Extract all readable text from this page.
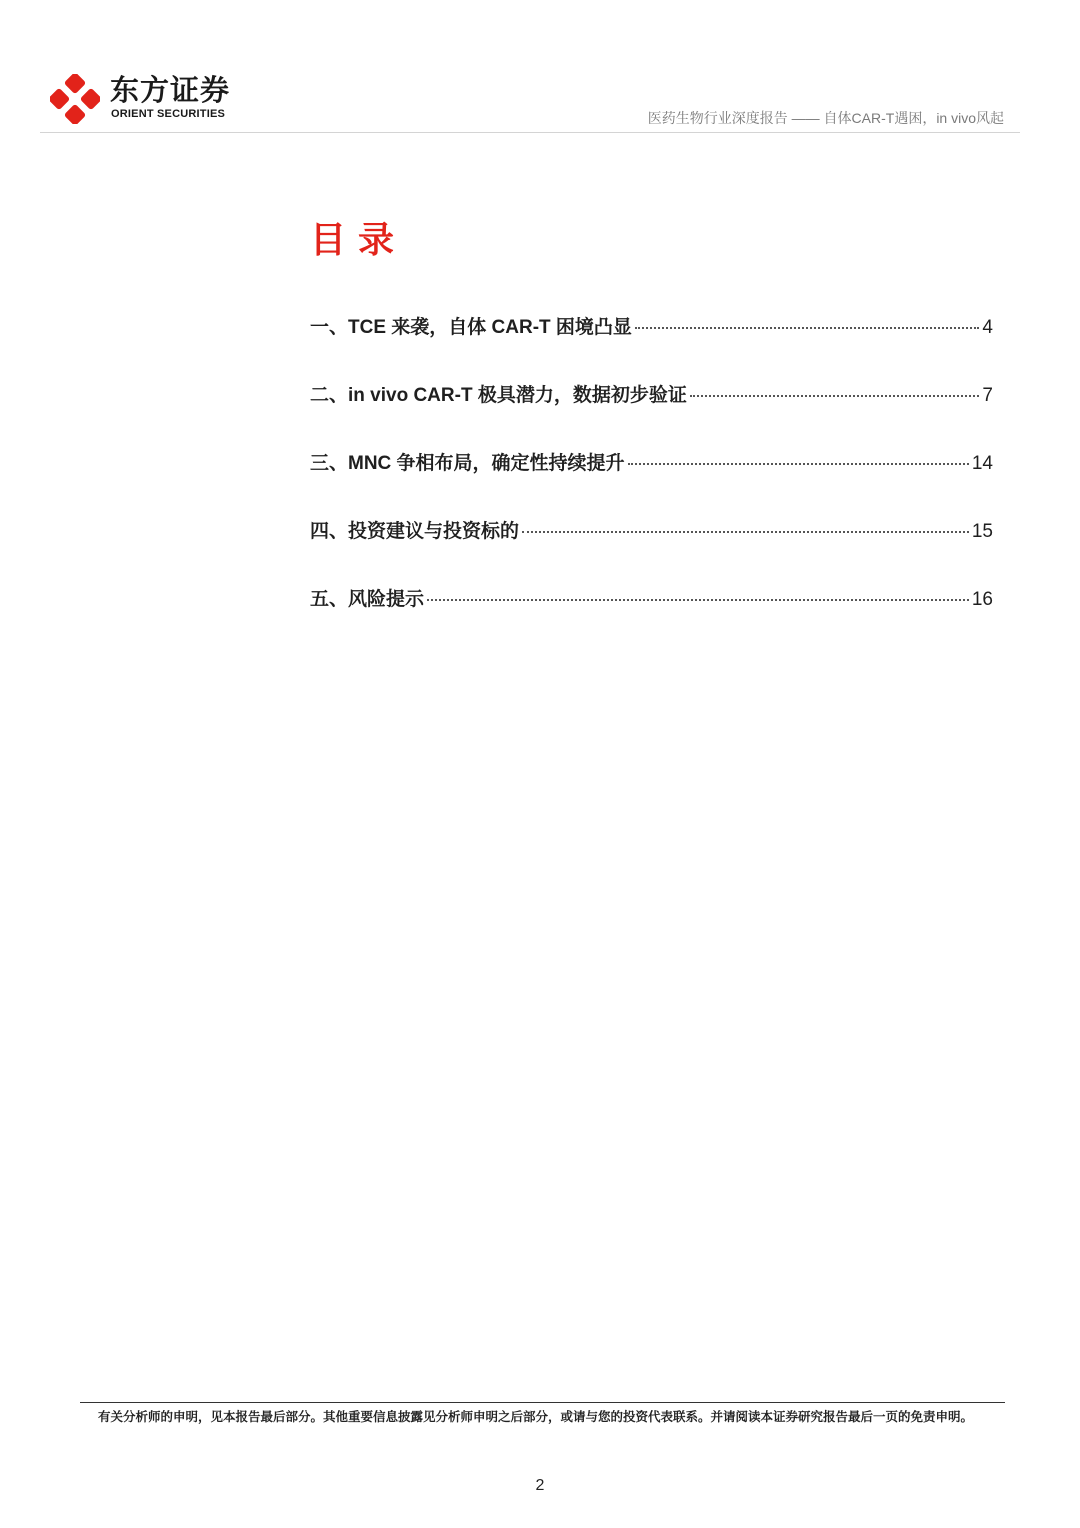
东方证券
ORIENT SECURITIES	医药生物行业深度报告 —— 自体CAR-T遇困，in vivo风起
目录
一、TCE 来袭，自体 CAR-T 困境凸显	4
二、in vivo CAR-T 极具潜力，数据初步验证	7
三、MNC 争相布局，确定性持续提升	14
四、投资建议与投资标的	15
五、风险提示	16
有关分析师的申明，见本报告最后部分。其他重要信息披露见分析师申明之后部分，或请与您的投资代表联系。并请阅读本证券研究报告最后一页的免责申明。
2
